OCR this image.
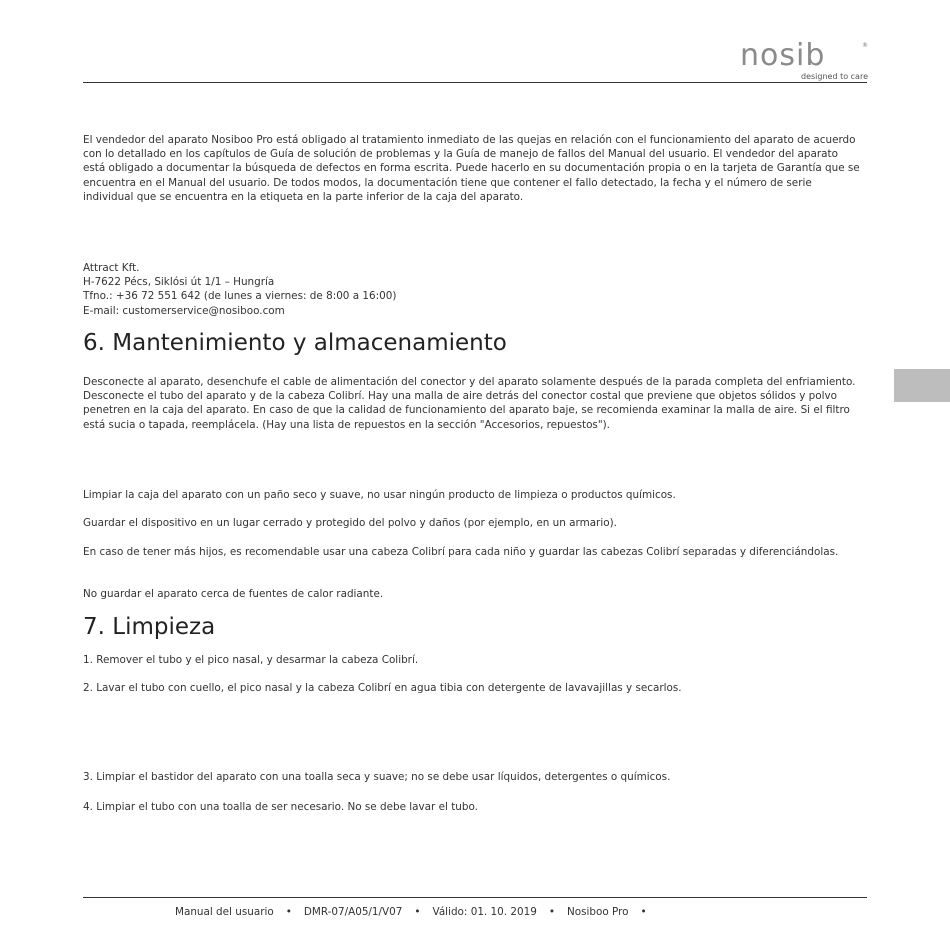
nosib	®
designed to care

El vendedor del aparato Nosiboo Pro está obligado al tratamiento inmediato de las quejas en relación con el funcionamiento del aparato de acuerdo con lo detallado en los capítulos de Guía de solución de problemas y la Guía de manejo de fallos del Manual del usuario. El vendedor del aparato está obligado a documentar la búsqueda de defectos en forma escrita. Puede hacerlo en su documentación propia o en la tarjeta de Garantía que se encuentra en el Manual del usuario. De todos modos, la documentación tiene que contener el fallo detectado, la fecha y el número de serie individual que se encuentra en la etiqueta en la parte inferior de la caja del aparato.

Attract Kft.

H-7622 Pécs, Siklósi út 1/1 – Hungría

Tfno.: +36 72 551 642 (de lunes a viernes: de 8:00 a 16:00)

E-mail: customerservice@nosiboo.com

6. Mantenimiento y almacenamiento

Desconecte al aparato, desenchufe el cable de alimentación del conector y del aparato solamente después de la parada completa del enfriamiento. Desconecte el tubo del aparato y de la cabeza Colibrí. Hay una malla de aire detrás del conector costal que previene que objetos sólidos y polvo penetren en la caja del aparato. En caso de que la calidad de funcionamiento del aparato baje, se recomienda examinar la malla de aire. Si el filtro está sucia o tapada, reemplácela. (Hay una lista de repuestos en la sección "Accesorios, repuestos").

Limpiar la caja del aparato con un paño seco y suave, no usar ningún producto de limpieza o productos químicos.

Guardar el dispositivo en un lugar cerrado y protegido del polvo y daños (por ejemplo, en un armario).

En caso de tener más hijos, es recomendable usar una cabeza Colibrí para cada niño y guardar las cabezas Colibrí separadas y diferenciándolas.

No guardar el aparato cerca de fuentes de calor radiante.

7. Limpieza

1. Remover el tubo y el pico nasal, y desarmar la cabeza Colibrí.

2. Lavar el tubo con cuello, el pico nasal y la cabeza Colibrí en agua tibia con detergente de lavavajillas y secarlos.

3. Limpiar el bastidor del aparato con una toalla seca y suave; no se debe usar líquidos, detergentes o químicos.

4. Limpiar el tubo con una toalla de ser necesario. No se debe lavar el tubo.

Manual del usuario • DMR-07/A05/1/V07 • Válido: 01. 10. 2019 • Nosiboo Pro •
